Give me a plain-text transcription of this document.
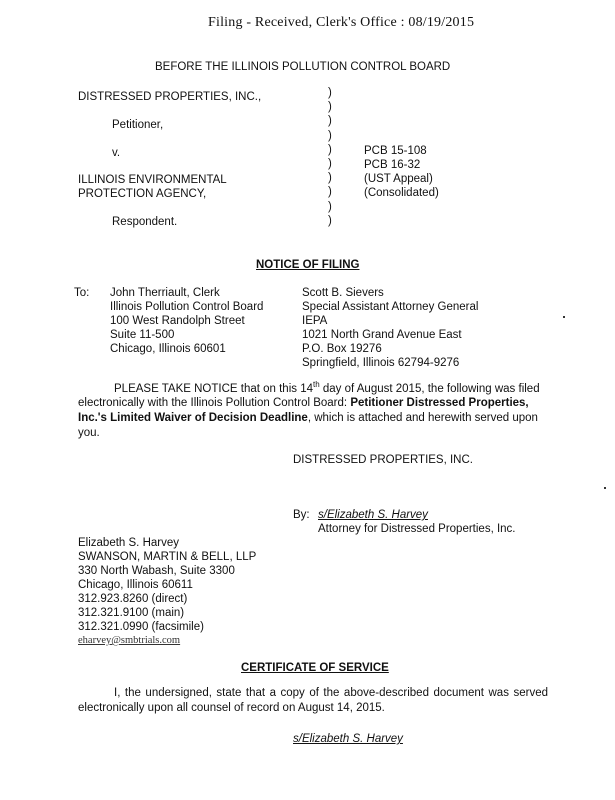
Filing - Received, Clerk's Office : 08/19/2015
BEFORE THE ILLINOIS POLLUTION CONTROL BOARD
DISTRESSED PROPERTIES, INC.,
Petitioner,
v.
ILLINOIS ENVIRONMENTAL
PROTECTION AGENCY,
Respondent.
)
)
)
)
)
)
)
)
)
)
PCB 15-108
PCB 16-32
(UST Appeal)
(Consolidated)
NOTICE OF FILING
To: John Therriault, Clerk
Illinois Pollution Control Board
100 West Randolph Street
Suite 11-500
Chicago, Illinois 60601
Scott B. Sievers
Special Assistant Attorney General
IEPA
1021 North Grand Avenue East
P.O. Box 19276
Springfield, Illinois 62794-9276
PLEASE TAKE NOTICE that on this 14th day of August 2015, the following was filed electronically with the Illinois Pollution Control Board: Petitioner Distressed Properties, Inc.'s Limited Waiver of Decision Deadline, which is attached and herewith served upon you.
DISTRESSED PROPERTIES, INC.
By: s/Elizabeth S. Harvey
Attorney for Distressed Properties, Inc.
Elizabeth S. Harvey
SWANSON, MARTIN & BELL, LLP
330 North Wabash, Suite 3300
Chicago, Illinois 60611
312.923.8260 (direct)
312.321.9100 (main)
312.321.0990 (facsimile)
eharvey@smbtrials.com
CERTIFICATE OF SERVICE
I, the undersigned, state that a copy of the above-described document was served electronically upon all counsel of record on August 14, 2015.
s/Elizabeth S. Harvey
